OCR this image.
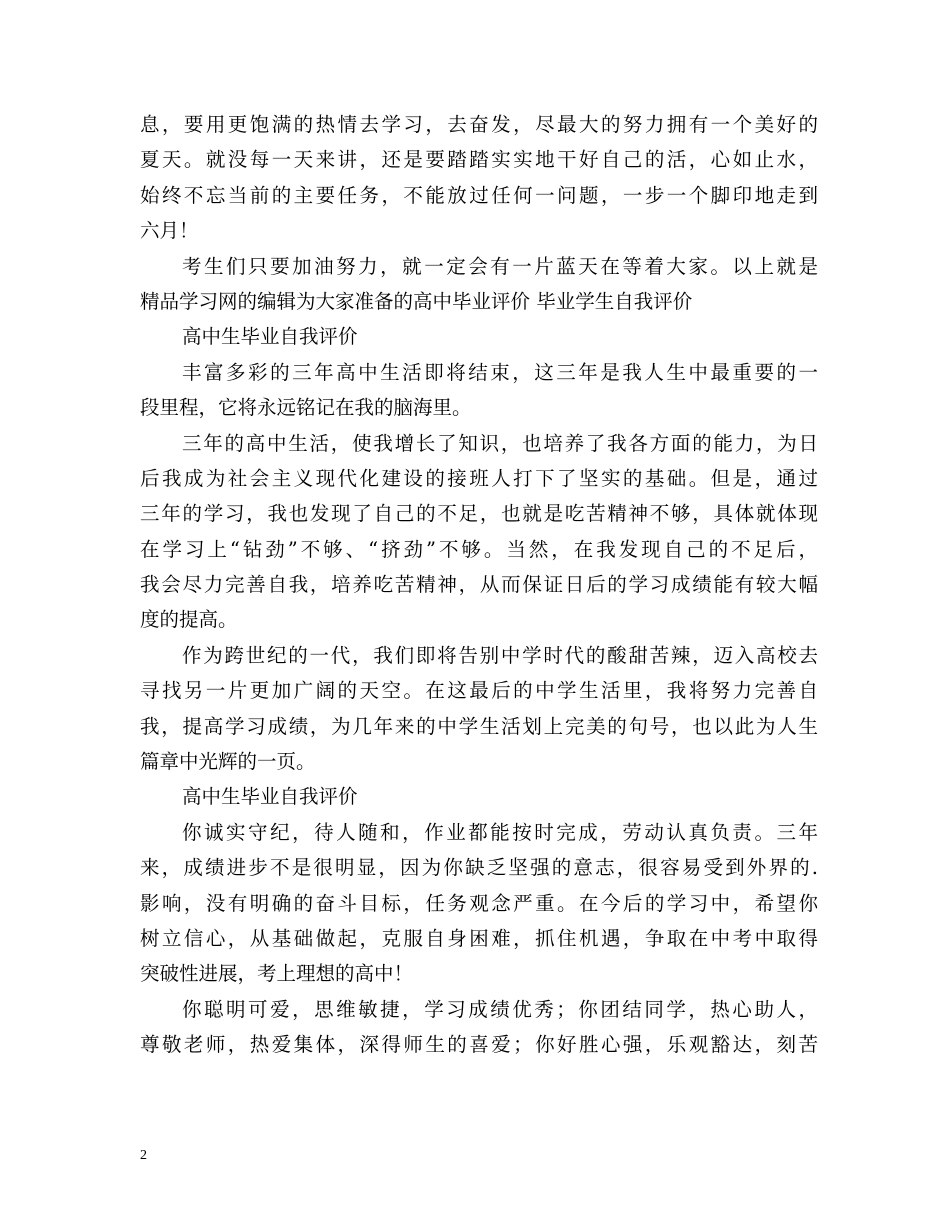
息，要用更饱满的热情去学习，去奋发，尽最大的努力拥有一个美好的
夏天。就没每一天来讲，还是要踏踏实实地干好自己的活，心如止水，
始终不忘当前的主要任务，不能放过任何一问题，一步一个脚印地走到
六月！
考生们只要加油努力，就一定会有一片蓝天在等着大家。以上就是
精品学习网的编辑为大家准备的高中毕业评价 毕业学生自我评价
高中生毕业自我评价
丰富多彩的三年高中生活即将结束，这三年是我人生中最重要的一
段里程，它将永远铭记在我的脑海里。
三年的高中生活，使我增长了知识，也培养了我各方面的能力，为日
后我成为社会主义现代化建设的接班人打下了坚实的基础。但是，通过
三年的学习，我也发现了自己的不足，也就是吃苦精神不够，具体就体现
在学习上“钻劲”不够、“挤劲”不够。当然，在我发现自己的不足后，
我会尽力完善自我，培养吃苦精神，从而保证日后的学习成绩能有较大幅
度的提高。
作为跨世纪的一代，我们即将告别中学时代的酸甜苦辣，迈入高校去
寻找另一片更加广阔的天空。在这最后的中学生活里，我将努力完善自
我，提高学习成绩，为几年来的中学生活划上完美的句号，也以此为人生
篇章中光辉的一页。
高中生毕业自我评价
你诚实守纪，待人随和，作业都能按时完成，劳动认真负责。三年
来，成绩进步不是很明显，因为你缺乏坚强的意志，很容易受到外界的.
影响，没有明确的奋斗目标，任务观念严重。在今后的学习中，希望你
树立信心，从基础做起，克服自身困难，抓住机遇，争取在中考中取得
突破性进展，考上理想的高中！
你聪明可爱，思维敏捷，学习成绩优秀；你团结同学，热心助人，
尊敬老师，热爱集体，深得师生的喜爱；你好胜心强，乐观豁达，刻苦
2
